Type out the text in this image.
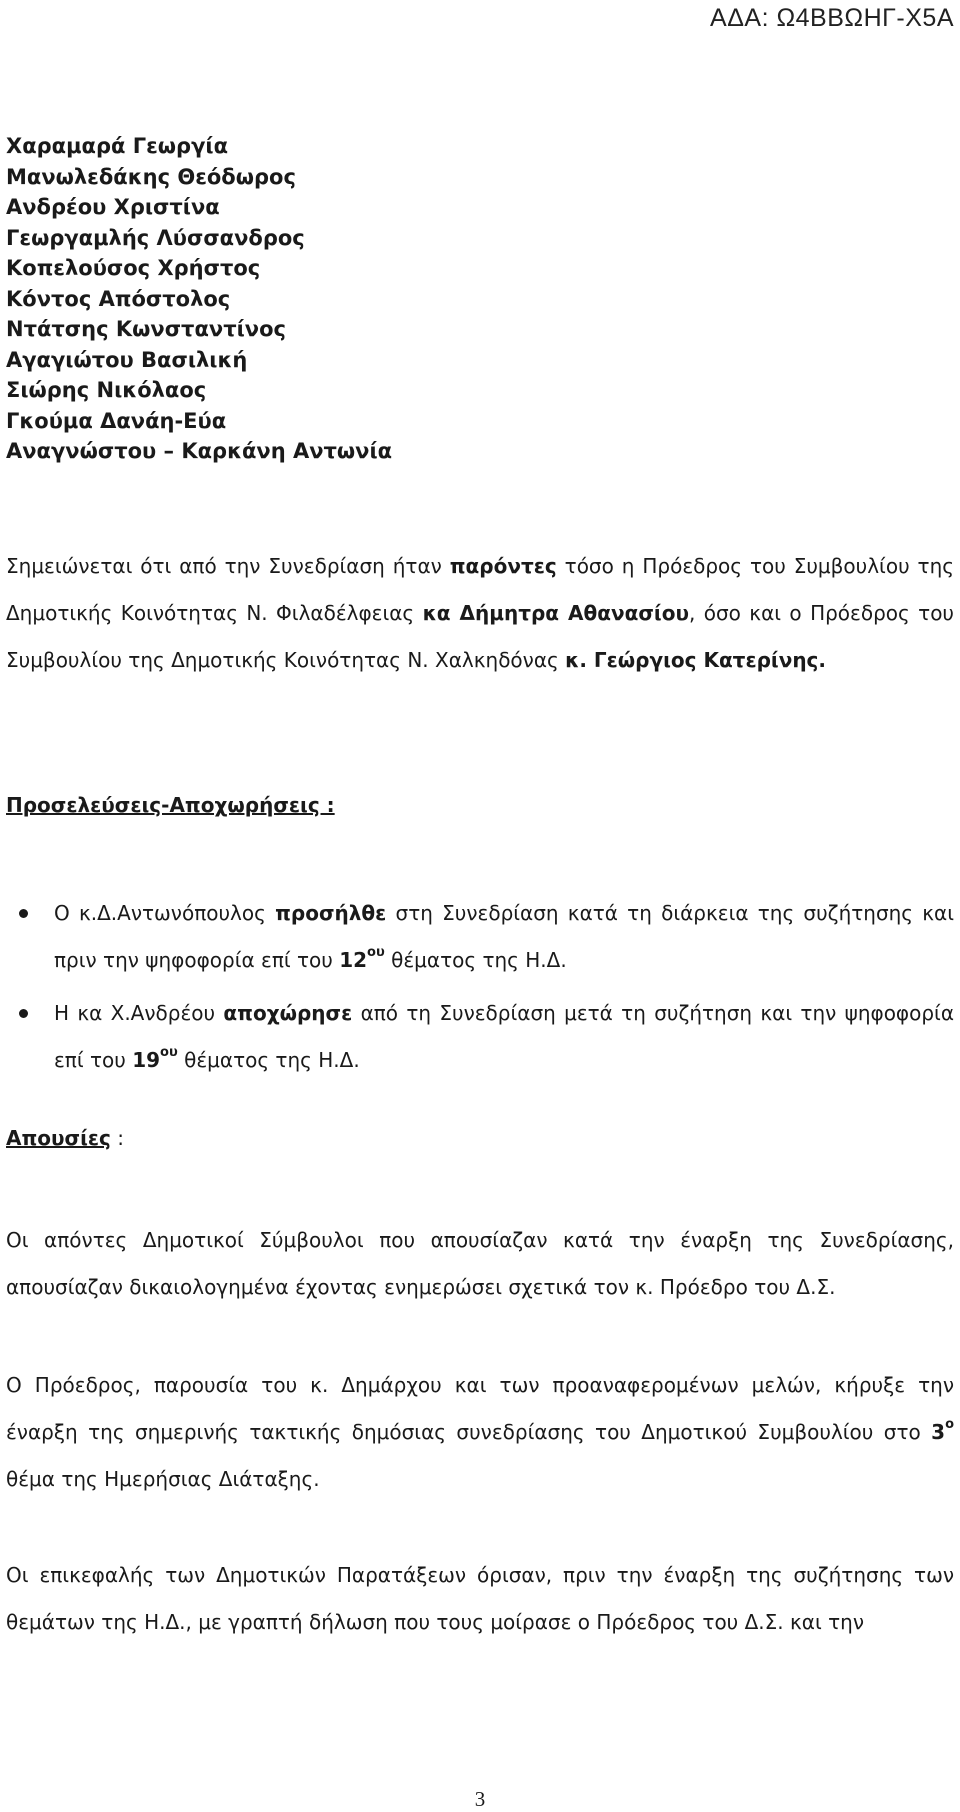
ΑΔΑ: Ω4ΒΒΩΗΓ-Χ5Α
Χαραμαρά Γεωργία
Μανωλεδάκης Θεόδωρος
Ανδρέου Χριστίνα
Γεωργαμλής Λύσσανδρος
Κοπελούσος Χρήστος
Κόντος Απόστολος
Ντάτσης Κωνσταντίνος
Αγαγιώτου Βασιλική
Σιώρης Νικόλαος
Γκούμα Δανάη-Εύα
Αναγνώστου – Καρκάνη Αντωνία

Σημειώνεται ότι από την Συνεδρίαση ήταν παρόντες τόσο η Πρόεδρος του Συμβουλίου της Δημοτικής Κοινότητας Ν. Φιλαδέλφειας κα Δήμητρα Αθανασίου, όσο και ο Πρόεδρος του Συμβουλίου της Δημοτικής Κοινότητας Ν. Χαλκηδόνας κ. Γεώργιος Κατερίνης.

Προσελεύσεις-Αποχωρήσεις :

Ο κ.Δ.Αντωνόπουλος προσήλθε στη Συνεδρίαση κατά τη διάρκεια της συζήτησης και πριν την ψηφοφορία επί του $12^{o\upsilon}$ θέματος της Η.Δ.
Η κα Χ.Ανδρέου αποχώρησε από τη Συνεδρίαση μετά τη συζήτηση και την ψηφοφορία επί του $19^{o\upsilon}$ θέματος της Η.Δ.

Απουσίες :

Οι απόντες Δημοτικοί Σύμβουλοι που απουσίαζαν κατά την έναρξη της Συνεδρίασης, απουσίαζαν δικαιολογημένα έχοντας ενημερώσει σχετικά τον κ. Πρόεδρο του Δ.Σ.

Ο Πρόεδρος, παρουσία του κ. Δημάρχου και των προαναφερομένων μελών, κήρυξε την έναρξη της σημερινής τακτικής δημόσιας συνεδρίασης του Δημοτικού Συμβουλίου στο $3^o$ θέμα της Ημερήσιας Διάταξης.

Οι επικεφαλής των Δημοτικών Παρατάξεων όρισαν, πριν την έναρξη της συζήτησης των θεμάτων της Η.Δ., με γραπτή δήλωση που τους μοίρασε ο Πρόεδρος του Δ.Σ. και την

3
